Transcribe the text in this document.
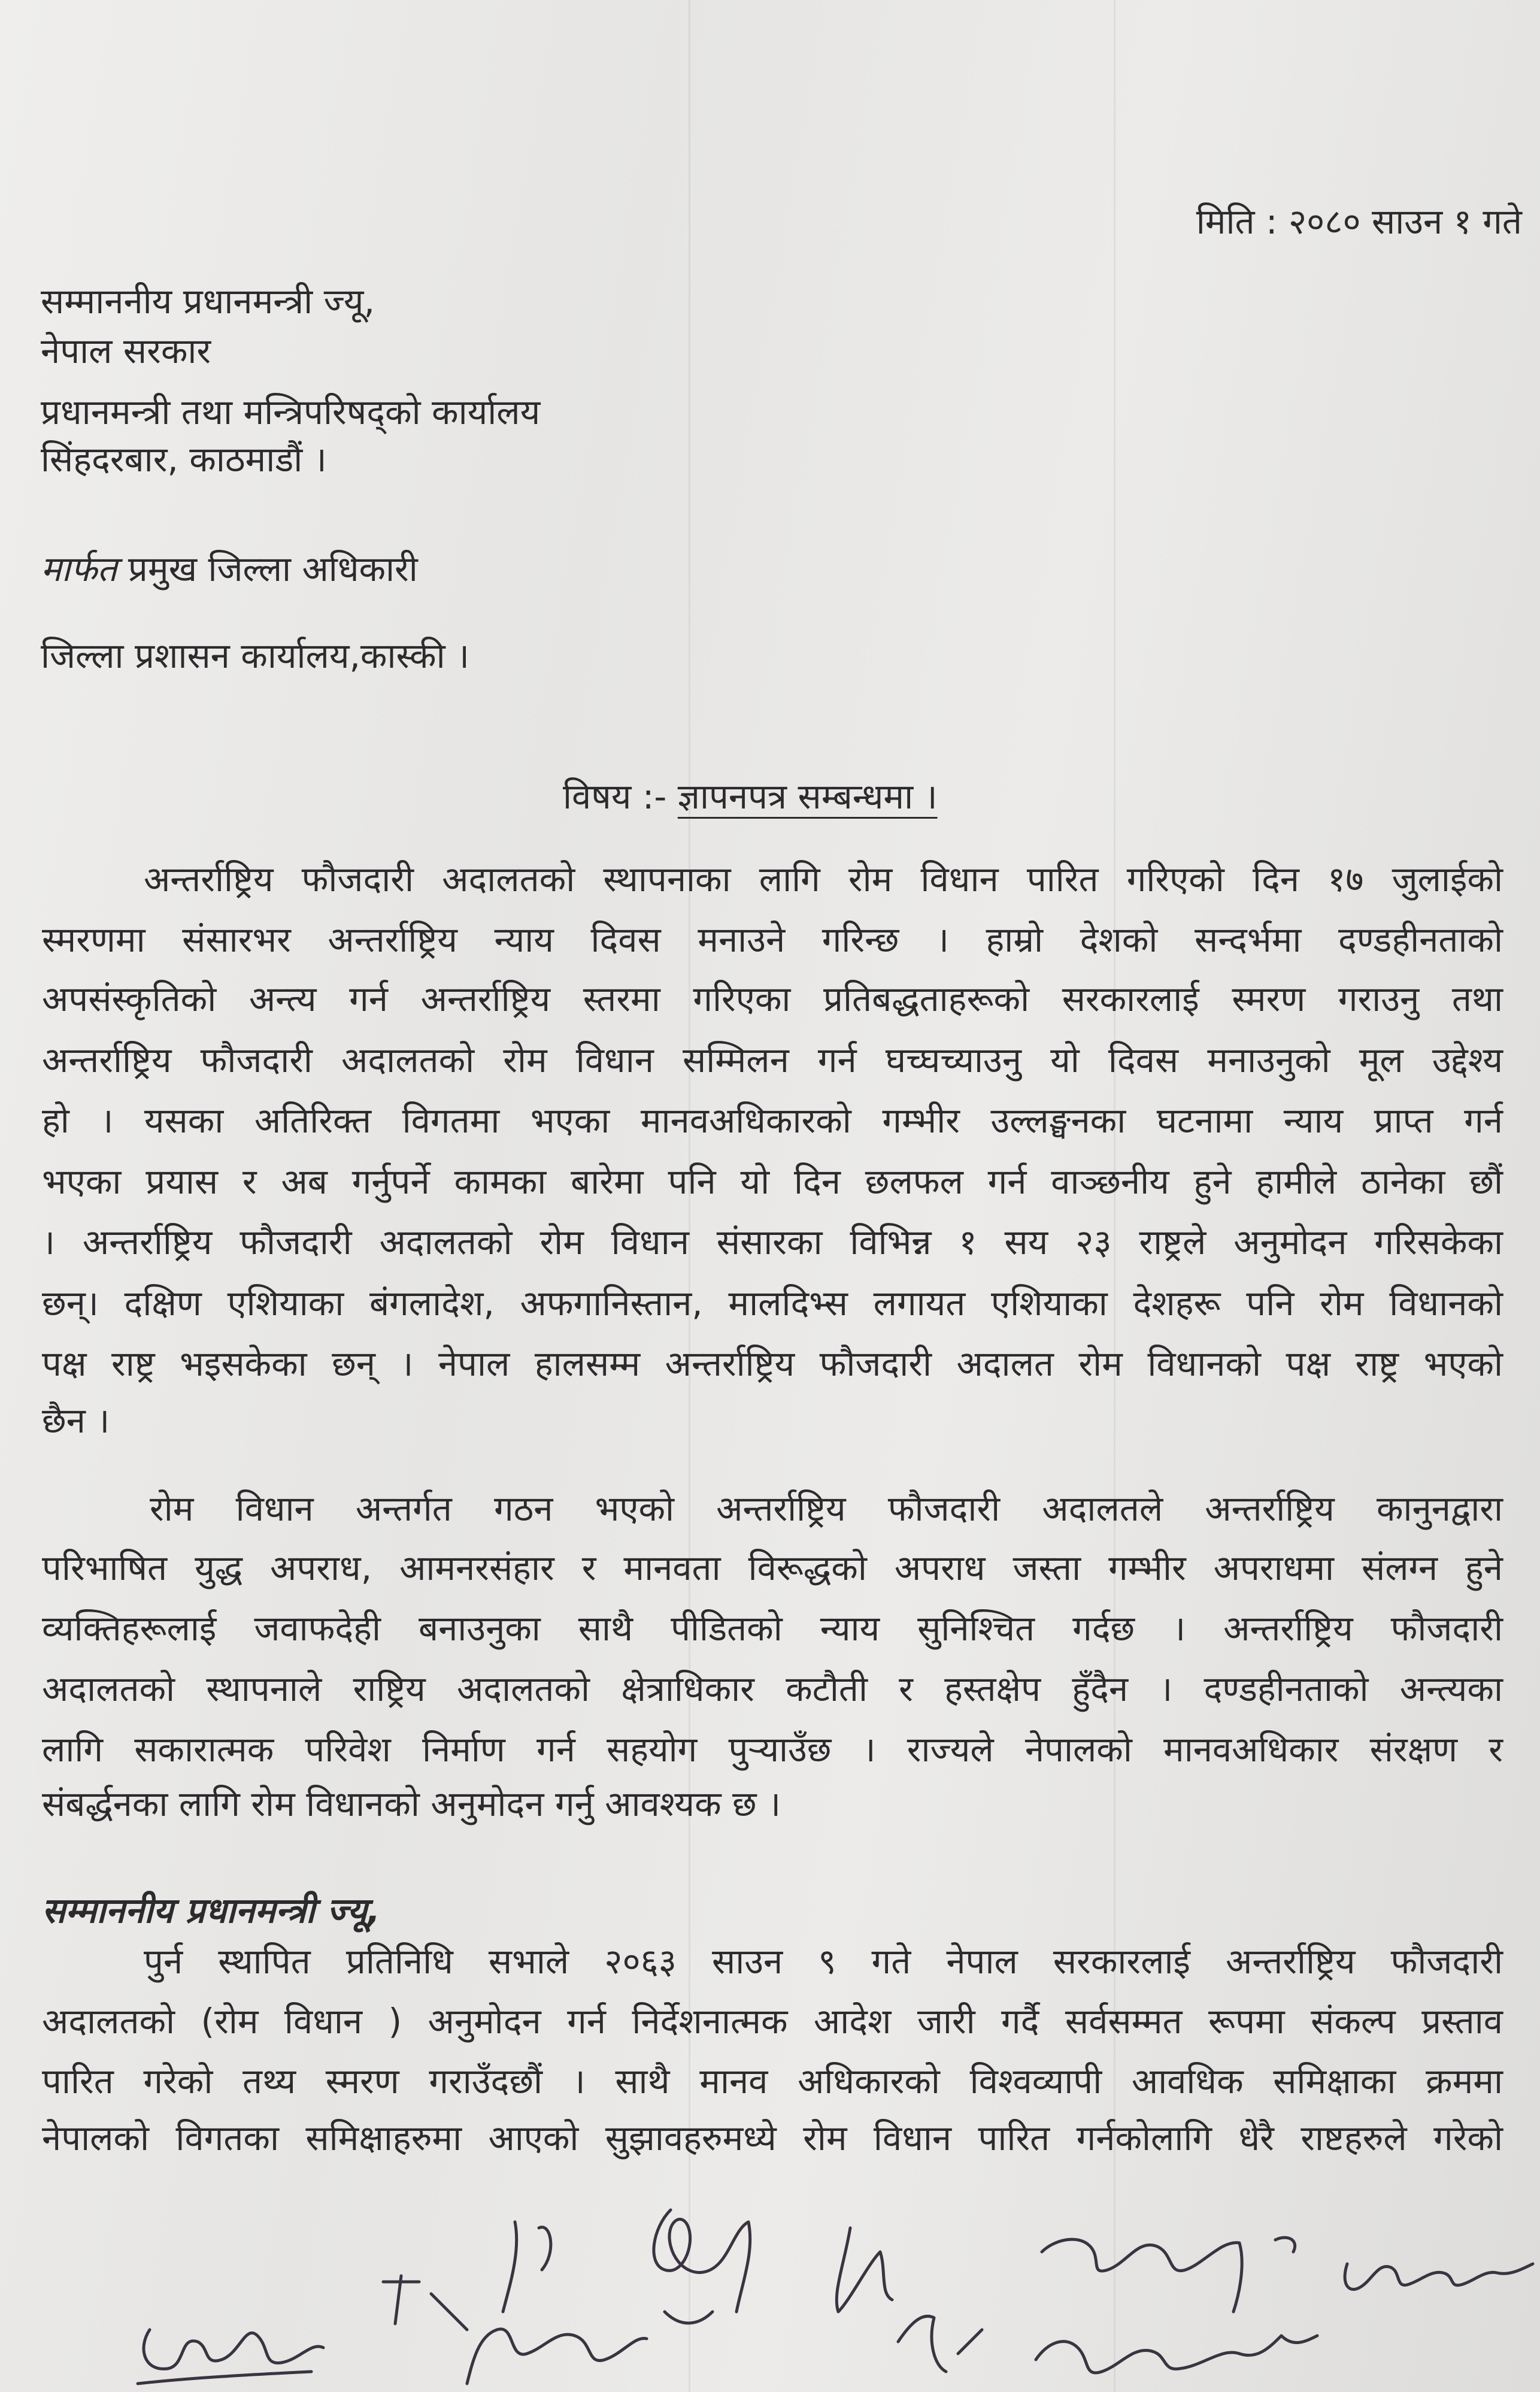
मिति : २०८० साउन १ गते
सम्माननीय प्रधानमन्त्री ज्यू,
नेपाल सरकार
प्रधानमन्त्री तथा मन्त्रिपरिषद्को कार्यालय
सिंहदरबार, काठमाडौं ।
मार्फत प्रमुख जिल्ला अधिकारी
जिल्ला प्रशासन कार्यालय,कास्की ।
विषय :- ज्ञापनपत्र सम्बन्धमा ।
अन्तर्राष्ट्रिय फौजदारी अदालतको स्थापनाका लागि रोम विधान पारित गरिएको दिन १७ जुलाईको
स्मरणमा संसारभर अन्तर्राष्ट्रिय न्याय दिवस मनाउने गरिन्छ । हाम्रो देशको सन्दर्भमा दण्डहीनताको
अपसंस्कृतिको अन्त्य गर्न अन्तर्राष्ट्रिय स्तरमा गरिएका प्रतिबद्धताहरूको सरकारलाई स्मरण गराउनु तथा
अन्तर्राष्ट्रिय फौजदारी अदालतको रोम विधान सम्मिलन गर्न घच्घच्याउनु यो दिवस मनाउनुको मूल उद्देश्य
हो । यसका अतिरिक्त विगतमा भएका मानवअधिकारको गम्भीर उल्लङ्घनका घटनामा न्याय प्राप्त गर्न
भएका प्रयास र अब गर्नुपर्ने कामका बारेमा पनि यो दिन छलफल गर्न वाञ्छनीय हुने हामीले ठानेका छौं
। अन्तर्राष्ट्रिय फौजदारी अदालतको रोम विधान संसारका विभिन्न १ सय २३ राष्ट्रले अनुमोदन गरिसकेका
छन्। दक्षिण एशियाका बंगलादेश, अफगानिस्तान, मालदिभ्स लगायत एशियाका देशहरू पनि रोम विधानको
पक्ष राष्ट्र भइसकेका छन् । नेपाल हालसम्म अन्तर्राष्ट्रिय फौजदारी अदालत रोम विधानको पक्ष राष्ट्र भएको
छैन ।
रोम विधान अन्तर्गत गठन भएको अन्तर्राष्ट्रिय फौजदारी अदालतले अन्तर्राष्ट्रिय कानुनद्वारा
परिभाषित युद्ध अपराध, आमनरसंहार र मानवता विरूद्धको अपराध जस्ता गम्भीर अपराधमा संलग्न हुने
व्यक्तिहरूलाई जवाफदेही बनाउनुका साथै पीडितको न्याय सुनिश्चित गर्दछ । अन्तर्राष्ट्रिय फौजदारी
अदालतको स्थापनाले राष्ट्रिय अदालतको क्षेत्राधिकार कटौती र हस्तक्षेप हुँदैन । दण्डहीनताको अन्त्यका
लागि सकारात्मक परिवेश निर्माण गर्न सहयोग पुऱ्याउँछ । राज्यले नेपालको मानवअधिकार संरक्षण र
संबर्द्धनका लागि रोम विधानको अनुमोदन गर्नु आवश्यक छ ।
सम्माननीय प्रधानमन्त्री ज्यू,
पुर्न स्थापित प्रतिनिधि सभाले २०६३ साउन ९ गते नेपाल सरकारलाई अन्तर्राष्ट्रिय फौजदारी
अदालतको (रोम विधान ) अनुमोदन गर्न निर्देशनात्मक आदेश जारी गर्दै सर्वसम्मत रूपमा संकल्प प्रस्ताव
पारित गरेको तथ्य स्मरण गराउँदछौं । साथै मानव अधिकारको विश्वव्यापी आवधिक समिक्षाका क्रममा
नेपालको विगतका समिक्षाहरुमा आएको सुझावहरुमध्ये रोम विधान पारित गर्नकोलागि धेरै राष्टहरुले गरेको
